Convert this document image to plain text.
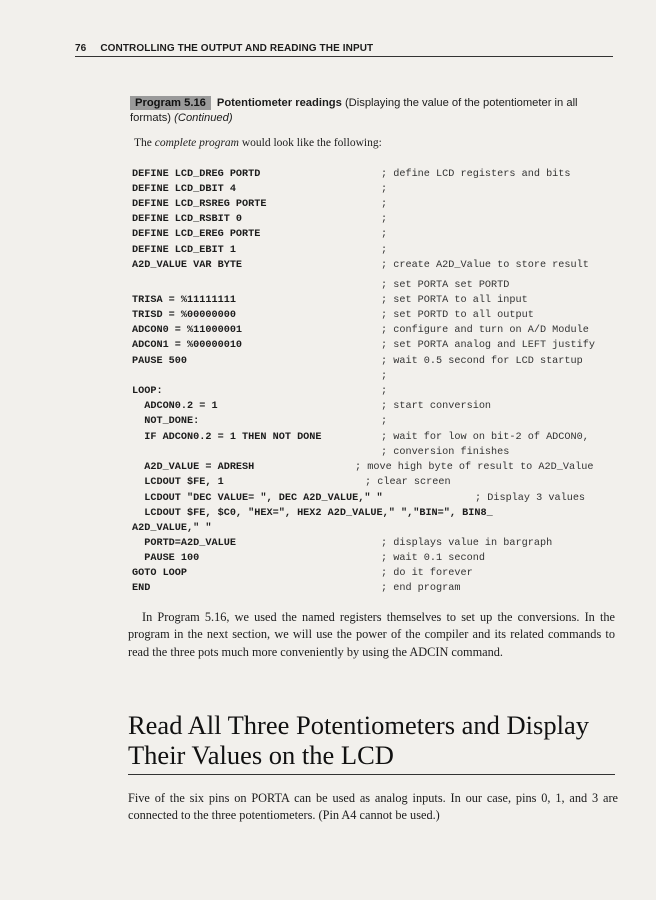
76 CONTROLLING THE OUTPUT AND READING THE INPUT
Program 5.16 Potentiometer readings (Displaying the value of the potentiometer in all formats) (Continued)
The complete program would look like the following:
DEFINE LCD_DREG PORTD	; define LCD registers and bits
DEFINE LCD_DBIT 4	;
DEFINE LCD_RSREG PORTE	;
DEFINE LCD_RSBIT 0	;
DEFINE LCD_EREG PORTE	;
DEFINE LCD_EBIT 1	;
A2D_VALUE VAR BYTE	; create A2D_Value to store result
; set PORTA set PORTD
TRISA = %11111111	; set PORTA to all input
TRISD = %00000000	; set PORTD to all output
ADCON0 = %11000001	; configure and turn on A/D Module
ADCON1 = %00000010	; set PORTA analog and LEFT justify
PAUSE 500	; wait 0.5 second for LCD startup
;
LOOP:	;
ADCON0.2 = 1	; start conversion
NOT_DONE:	;
IF ADCON0.2 = 1 THEN NOT DONE	; wait for low on bit-2 of ADCON0,
; conversion finishes
A2D_VALUE = ADRESH	; move high byte of result to A2D_Value
LCDOUT $FE, 1	; clear screen
LCDOUT "DEC VALUE= ", DEC A2D_VALUE," "	; Display 3 values
LCDOUT $FE, $C0, "HEX=", HEX2 A2D_VALUE," ","BIN=", BIN8_
A2D_VALUE," "
PORTD=A2D_VALUE	; displays value in bargraph
PAUSE 100	; wait 0.1 second
GOTO LOOP	; do it forever
END	; end program
In Program 5.16, we used the named registers themselves to set up the conversions. In the program in the next section, we will use the power of the compiler and its related commands to read the three pots much more conveniently by using the ADCIN command.
Read All Three Potentiometers and Display Their Values on the LCD
Five of the six pins on PORTA can be used as analog inputs. In our case, pins 0, 1, and 3 are connected to the three potentiometers. (Pin A4 cannot be used.)
